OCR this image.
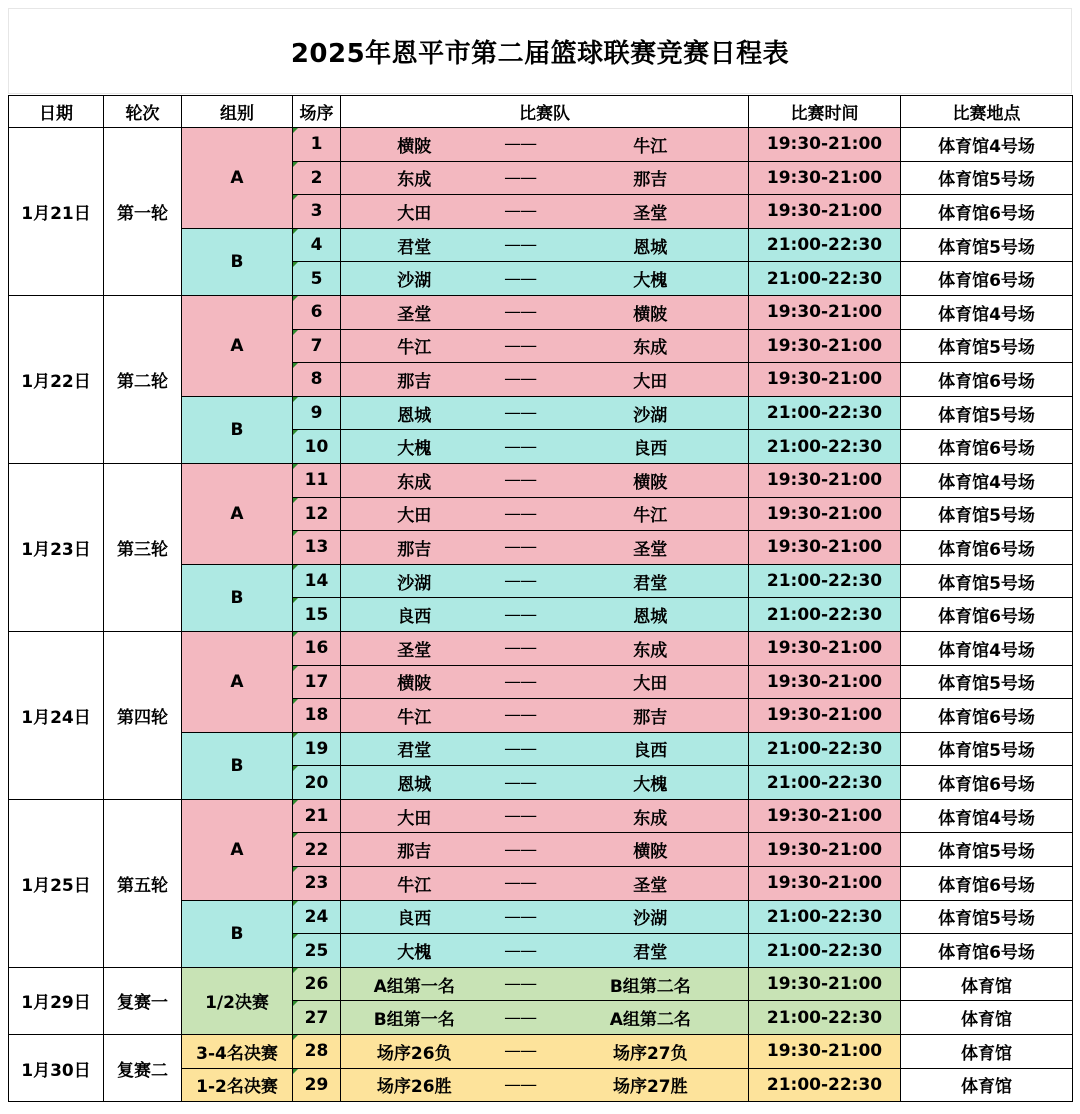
2025年恩平市第二届篮球联赛竞赛日程表
日期	轮次	组别	场序	比赛队	比赛时间	比赛地点
1月21日	第一轮	A	1	横陂 —— 牛江	19:30-21:00	体育馆4号场
			2	东成 —— 那吉	19:30-21:00	体育馆5号场
			3	大田 —— 圣堂	19:30-21:00	体育馆6号场
		B	4	君堂 —— 恩城	21:00-22:30	体育馆5号场
			5	沙湖 —— 大槐	21:00-22:30	体育馆6号场
1月22日	第二轮	A	6	圣堂 —— 横陂	19:30-21:00	体育馆4号场
			7	牛江 —— 东成	19:30-21:00	体育馆5号场
			8	那吉 —— 大田	19:30-21:00	体育馆6号场
		B	9	恩城 —— 沙湖	21:00-22:30	体育馆5号场
			10	大槐 —— 良西	21:00-22:30	体育馆6号场
1月23日	第三轮	A	11	东成 —— 横陂	19:30-21:00	体育馆4号场
			12	大田 —— 牛江	19:30-21:00	体育馆5号场
			13	那吉 —— 圣堂	19:30-21:00	体育馆6号场
		B	14	沙湖 —— 君堂	21:00-22:30	体育馆5号场
			15	良西 —— 恩城	21:00-22:30	体育馆6号场
1月24日	第四轮	A	16	圣堂 —— 东成	19:30-21:00	体育馆4号场
			17	横陂 —— 大田	19:30-21:00	体育馆5号场
			18	牛江 —— 那吉	19:30-21:00	体育馆6号场
		B	19	君堂 —— 良西	21:00-22:30	体育馆5号场
			20	恩城 —— 大槐	21:00-22:30	体育馆6号场
1月25日	第五轮	A	21	大田 —— 东成	19:30-21:00	体育馆4号场
			22	那吉 —— 横陂	19:30-21:00	体育馆5号场
			23	牛江 —— 圣堂	19:30-21:00	体育馆6号场
		B	24	良西 —— 沙湖	21:00-22:30	体育馆5号场
			25	大槐 —— 君堂	21:00-22:30	体育馆6号场
1月29日	复赛一	1/2决赛	26	A组第一名 —— B组第二名	19:30-21:00	体育馆
			27	B组第一名 —— A组第二名	21:00-22:30	体育馆
1月30日	复赛二	3-4名决赛	28	场序26负 —— 场序27负	19:30-21:00	体育馆
		1-2名决赛	29	场序26胜 —— 场序27胜	21:00-22:30	体育馆
